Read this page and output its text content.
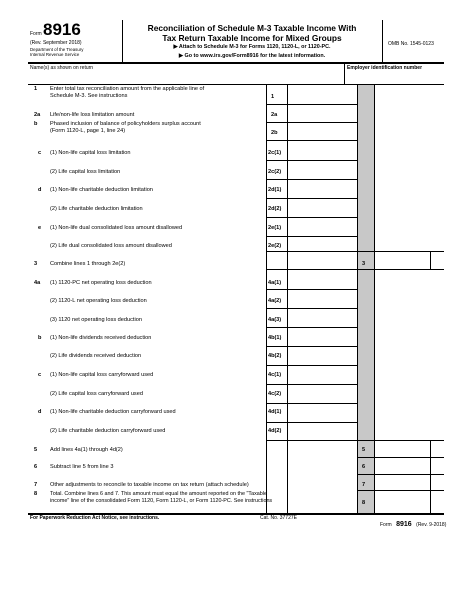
Form 8916
(Rev. September 2018)
Department of the Treasury
Internal Revenue Service
Reconciliation of Schedule M-3 Taxable Income With
Tax Return Taxable Income for Mixed Groups
▶ Attach to Schedule M-3 for Forms 1120, 1120-L, or 1120-PC.
▶ Go to www.irs.gov/Form8916 for the latest information.
OMB No. 1545-0123
Name(s) as shown on return	Employer identification number
1 Enter total tax reconciliation amount from the applicable line of
Schedule M-3. See instructions	1
2a Life/non-life loss limitation amount	2a
b Phased inclusion of balance of policyholders surplus account
(Form 1120-L, page 1, line 24)	2b
c (1) Non-life capital loss limitation	2c(1)
(2) Life capital loss limitation	2c(2)
d (1) Non-life charitable deduction limitation	2d(1)
(2) Life charitable deduction limitation	2d(2)
e (1) Non-life dual consolidated loss amount disallowed	2e(1)
(2) Life dual consolidated loss amount disallowed	2e(2)
3 Combine lines 1 through 2e(2)	3
4a (1) 1120-PC net operating loss deduction	4a(1)
(2) 1120-L net operating loss deduction	4a(2)
(3) 1120 net operating loss deduction	4a(3)
b (1) Non-life dividends received deduction	4b(1)
(2) Life dividends received deduction	4b(2)
c (1) Non-life capital loss carryforward used	4c(1)
(2) Life capital loss carryforward used	4c(2)
d (1) Non-life charitable deduction carryforward used	4d(1)
(2) Life charitable deduction carryforward used	4d(2)
5 Add lines 4a(1) through 4d(2)	5
6 Subtract line 5 from line 3	6
7 Other adjustments to reconcile to taxable income on tax return (attach schedule)	7
8 Total. Combine lines 6 and 7. This amount must equal the amount reported on the "Taxable
income" line of the consolidated Form 1120, Form 1120-L, or Form 1120-PC. See instructions	8
For Paperwork Reduction Act Notice, see instructions.	Cat. No. 37727E
Form 8916 (Rev. 9-2018)
